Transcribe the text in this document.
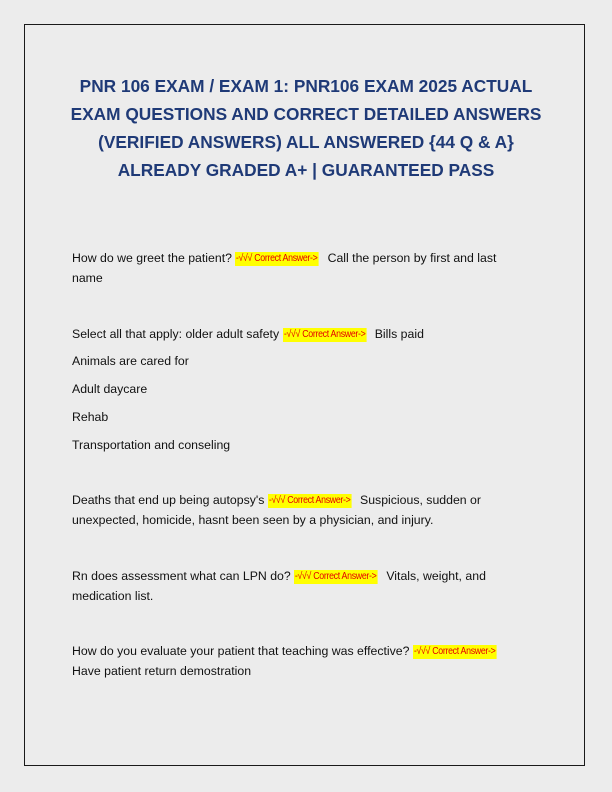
PNR 106 EXAM / EXAM 1: PNR106 EXAM 2025 ACTUAL
EXAM QUESTIONS AND CORRECT DETAILED ANSWERS
(VERIFIED ANSWERS) ALL ANSWERED {44 Q & A}
ALREADY GRADED A+ | GUARANTEED PASS
How do we greet the patient? -√√√ Correct Answer-> Call the person by first and last
name
Select all that apply: older adult safety -√√√ Correct Answer-> Bills paid
Animals are cared for
Adult daycare
Rehab
Transportation and conseling
Deaths that end up being autopsy's -√√√ Correct Answer-> Suspicious, sudden or
unexpected, homicide, hasnt been seen by a physician, and injury.
Rn does assessment what can LPN do? -√√√ Correct Answer-> Vitals, weight, and
medication list.
How do you evaluate your patient that teaching was effective? -√√√ Correct Answer->
Have patient return demostration
